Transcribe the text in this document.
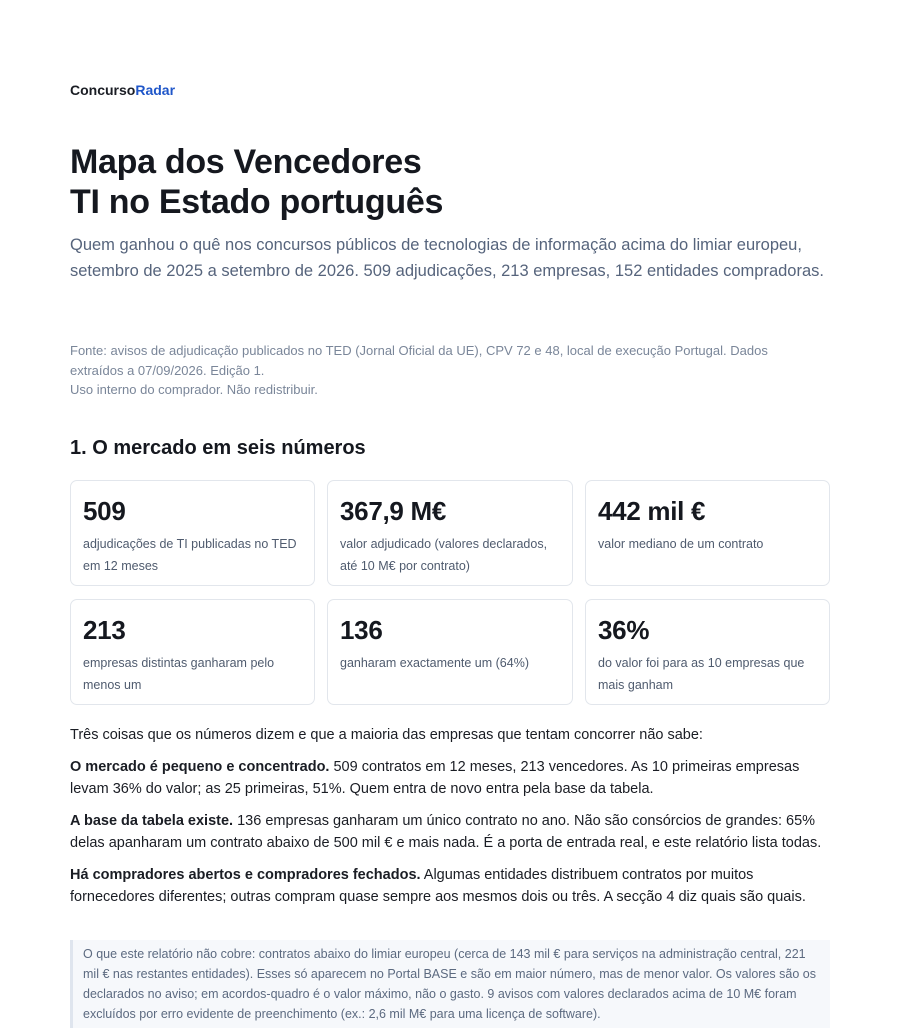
ConcursoRadar
Mapa dos Vencedores
TI no Estado português

Quem ganhou o quê nos concursos públicos de tecnologias de informação acima do limiar europeu, setembro de 2025 a setembro de 2026. 509 adjudicações, 213 empresas, 152 entidades compradoras.

Fonte: avisos de adjudicação publicados no TED (Jornal Oficial da UE), CPV 72 e 48, local de execução Portugal. Dados extraídos a 07/09/2026. Edição 1.
Uso interno do comprador. Não redistribuir.

1. O mercado em seis números
509
adjudicações de TI publicadas no TED em 12 meses
367,9 M€
valor adjudicado (valores declarados, até 10 M€ por contrato)
442 mil €
valor mediano de um contrato
213
empresas distintas ganharam pelo menos um
136
ganharam exactamente um (64%)
36%
do valor foi para as 10 empresas que mais ganham

Três coisas que os números dizem e que a maioria das empresas que tentam concorrer não sabe:

O mercado é pequeno e concentrado. 509 contratos em 12 meses, 213 vencedores. As 10 primeiras empresas levam 36% do valor; as 25 primeiras, 51%. Quem entra de novo entra pela base da tabela.

A base da tabela existe. 136 empresas ganharam um único contrato no ano. Não são consórcios de grandes: 65% delas apanharam um contrato abaixo de 500 mil € e mais nada. É a porta de entrada real, e este relatório lista todas.

Há compradores abertos e compradores fechados. Algumas entidades distribuem contratos por muitos fornecedores diferentes; outras compram quase sempre aos mesmos dois ou três. A secção 4 diz quais são quais.

O que este relatório não cobre: contratos abaixo do limiar europeu (cerca de 143 mil € para serviços na administração central, 221 mil € nas restantes entidades). Esses só aparecem no Portal BASE e são em maior número, mas de menor valor. Os valores são os declarados no aviso; em acordos-quadro é o valor máximo, não o gasto. 9 avisos com valores declarados acima de 10 M€ foram excluídos por erro evidente de preenchimento (ex.: 2,6 mil M€ para uma licença de software).
